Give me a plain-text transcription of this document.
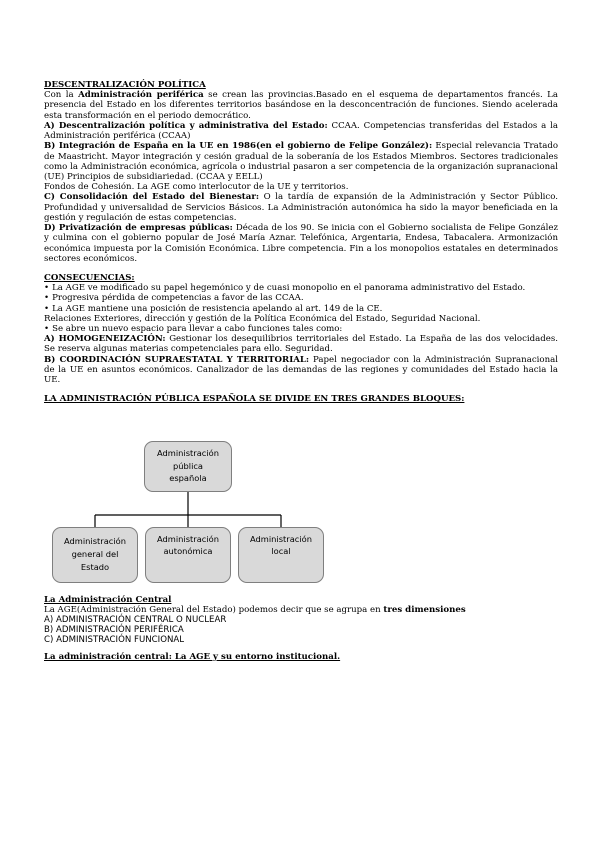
DESCENTRALIZACIÓN POLÍTICA

Con la Administración periférica se crean las provincias.Basado en el esquema de departamentos francés. La presencia del Estado en los diferentes territorios basándose en la desconcentración de funciones. Siendo acelerada esta transformación en el periodo democrático.

A) Descentralización política y administrativa del Estado: CCAA. Competencias transferidas del Estados a la Administración periférica (CCAA)

B) Integración de España en la UE en 1986(en el gobierno de Felipe González): Especial relevancia Tratado de Maastricht. Mayor integración y cesión gradual de la soberanía de los Estados Miembros. Sectores tradicionales como la Administración económica, agrícola o industrial pasaron a ser competencia de la organización supranacional (UE) Principios de subsidiariedad. (CCAA y EELL)

Fondos de Cohesión. La AGE como interlocutor de la UE y territorios.

C) Consolidación del Estado del Bienestar: O la tardía de expansión de la Administración y Sector Público. Profundidad y universalidad de Servicios Básicos. La Administración autonómica ha sido la mayor beneficiada en la gestión y regulación de estas competencias.

D) Privatización de empresas públicas: Década de los 90. Se inicia con el Gobierno socialista de Felipe González y culmina con el gobierno popular de José María Aznar. Telefónica, Argentaria, Endesa, Tabacalera. Armonización económica impuesta por la Comisión Económica. Libre competencia. Fin a los monopolios estatales en determinados sectores económicos.

CONSECUENCIAS:

• La AGE ve modificado su papel hegemónico y de cuasi monopolio en el panorama administrativo del Estado.

• Progresiva pérdida de competencias a favor de las CCAA.

• La AGE mantiene una posición de resistencia apelando al art. 149 de la CE.

Relaciones Exteriores, dirección y gestión de la Política Económica del Estado, Seguridad Nacional.

• Se abre un nuevo espacio para llevar a cabo funciones tales como:

A) HOMOGENEIZACIÓN: Gestionar los desequilibrios territoriales del Estado. La España de las dos velocidades. Se reserva algunas materias competenciales para ello. Seguridad.

B) COORDINACIÓN SUPRAESTATAL Y TERRITORIAL: Papel negociador con la Administración Supranacional de la UE en asuntos económicos. Canalizador de las demandas de las regiones y comunidades del Estado hacia la UE.

LA ADMINISTRACIÓN PÚBLICA ESPAÑOLA SE DIVIDE EN TRES GRANDES BLOQUES:

Administración
pública
española
Administración
general del
Estado
Administración
autonómica
Administración
local

La Administración Central

La AGE(Administración General del Estado) podemos decir que se agrupa en tres dimensiones

A) ADMINISTRACIÓN CENTRAL O NUCLEAR

B) ADMINISTRACIÓN PERIFÉRICA

C) ADMINISTRACIÓN FUNCIONAL

La administración central: La AGE y su entorno institucional.
